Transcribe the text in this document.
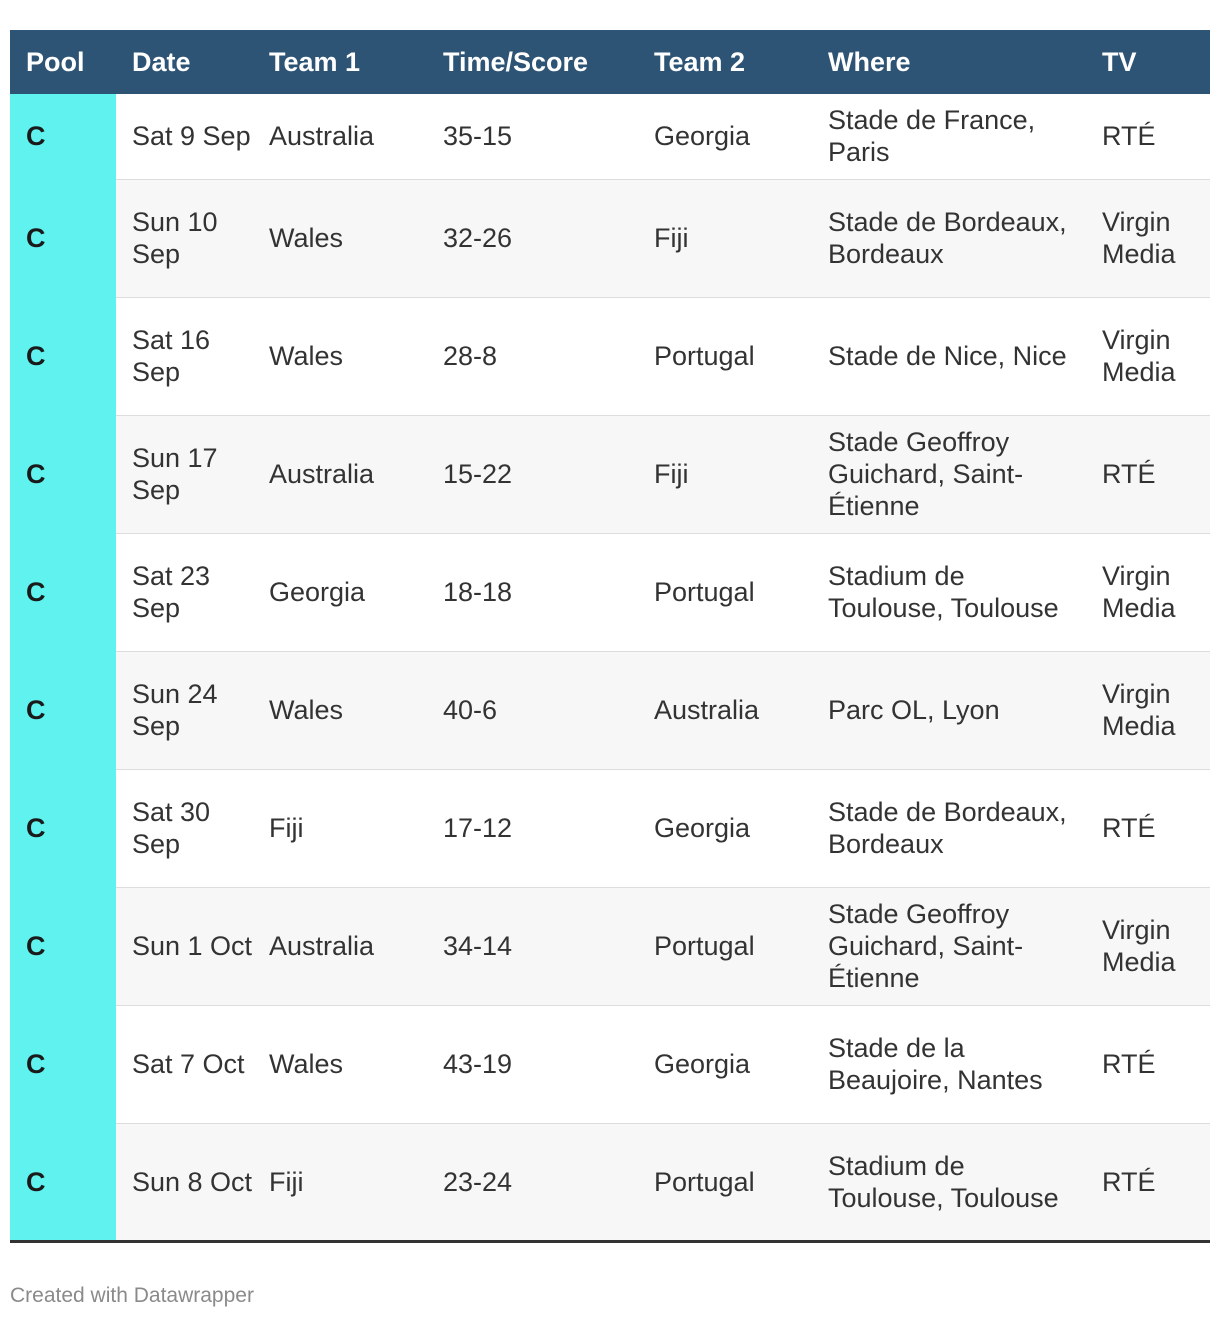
Pool	Date	Team 1	Time/Score	Team 2	Where	TV
C	Sat 9 Sep	Australia	35-15	Georgia	Stade de France, Paris	RTÉ
C	Sun 10 Sep	Wales	32-26	Fiji	Stade de Bordeaux, Bordeaux	Virgin Media
C	Sat 16 Sep	Wales	28-8	Portugal	Stade de Nice, Nice	Virgin Media
C	Sun 17 Sep	Australia	15-22	Fiji	Stade Geoffroy Guichard, Saint-Étienne	RTÉ
C	Sat 23 Sep	Georgia	18-18	Portugal	Stadium de Toulouse, Toulouse	Virgin Media
C	Sun 24 Sep	Wales	40-6	Australia	Parc OL, Lyon	Virgin Media
C	Sat 30 Sep	Fiji	17-12	Georgia	Stade de Bordeaux, Bordeaux	RTÉ
C	Sun 1 Oct	Australia	34-14	Portugal	Stade Geoffroy Guichard, Saint-Étienne	Virgin Media
C	Sat 7 Oct	Wales	43-19	Georgia	Stade de la Beaujoire, Nantes	RTÉ
C	Sun 8 Oct	Fiji	23-24	Portugal	Stadium de Toulouse, Toulouse	RTÉ
Created with Datawrapper
